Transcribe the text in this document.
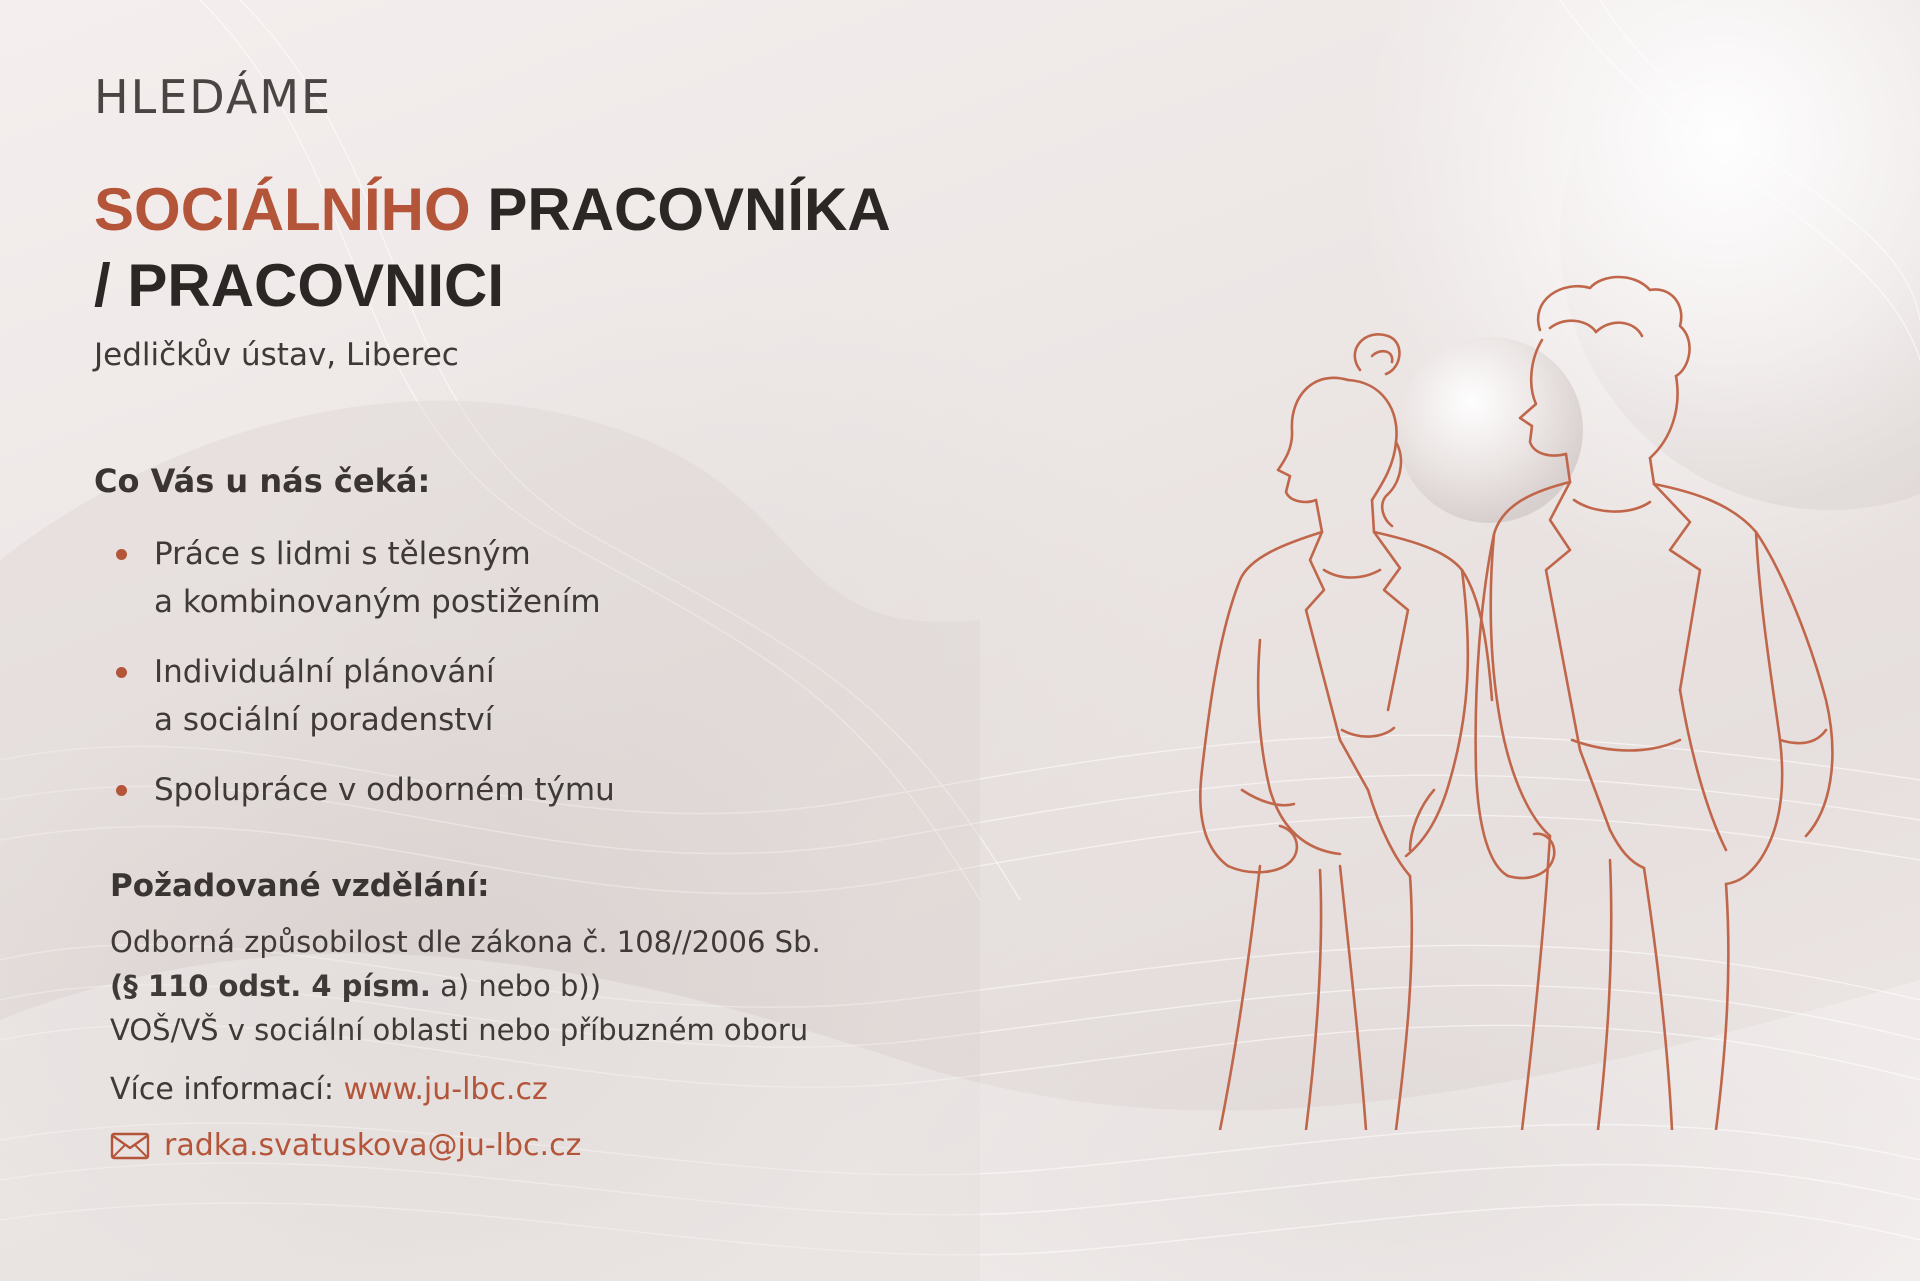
HLEDÁME
SOCIÁLNÍHO PRACOVNÍKA
/ PRACOVNICI
Jedličkův ústav, Liberec
Co Vás u nás čeká:
Práce s lidmi s tělesným
a kombinovaným postižením
Individuální plánování
a sociální poradenství
Spolupráce v odborném týmu
Požadované vzdělání:
Odborná způsobilost dle zákona č. 108//2006 Sb.
(§ 110 odst. 4 písm. a) nebo b))
VOŠ/VŠ v sociální oblasti nebo příbuzném oboru
Více informací: www.ju-lbc.cz
radka.svatuskova@ju-lbc.cz
